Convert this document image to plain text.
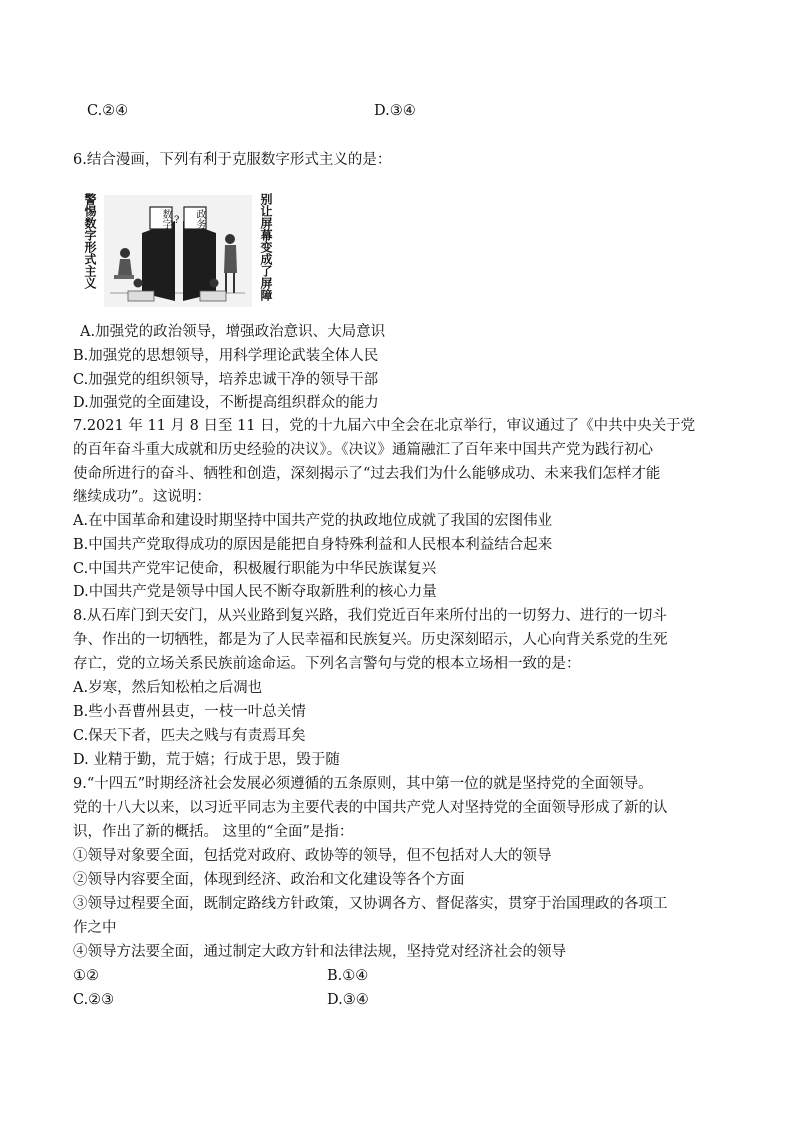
C.②④	D.③④
6.结合漫画，下列有利于克服数字形式主义的是：
警惕数字形式主义	别让屏幕变成了屏障
数字	政务
?
A.加强党的政治领导，增强政治意识、大局意识
B.加强党的思想领导，用科学理论武装全体人民
C.加强党的组织领导，培养忠诚干净的领导干部
D.加强党的全面建设，不断提高组织群众的能力
7.2021 年 11 月 8 日至 11 日，党的十九届六中全会在北京举行，审议通过了《中共中央关于党
的百年奋斗重大成就和历史经验的决议》。《决议》通篇融汇了百年来中国共产党为践行初心
使命所进行的奋斗、牺牲和创造，深刻揭示了“过去我们为什么能够成功、未来我们怎样才能
继续成功”。这说明：
A.在中国革命和建设时期坚持中国共产党的执政地位成就了我国的宏图伟业
B.中国共产党取得成功的原因是能把自身特殊利益和人民根本利益结合起来
C.中国共产党牢记使命，积极履行职能为中华民族谋复兴
D.中国共产党是领导中国人民不断夺取新胜利的核心力量
8.从石库门到天安门，从兴业路到复兴路，我们党近百年来所付出的一切努力、进行的一切斗
争、作出的一切牺牲，都是为了人民幸福和民族复兴。历史深刻昭示，人心向背关系党的生死
存亡，党的立场关系民族前途命运。下列名言警句与党的根本立场相一致的是：
A.岁寒，然后知松柏之后凋也
B.些小吾曹州县吏，一枝一叶总关情
C.保天下者，匹夫之贱与有责焉耳矣
D. 业精于勤，荒于嬉；行成于思，毁于随
9.“十四五”时期经济社会发展必须遵循的五条原则，其中第一位的就是坚持党的全面领导。
党的十八大以来，以习近平同志为主要代表的中国共产党人对坚持党的全面领导形成了新的认
识，作出了新的概括。 这里的“全面”是指：
①领导对象要全面，包括党对政府、政协等的领导，但不包括对人大的领导
②领导内容要全面，体现到经济、政治和文化建设等各个方面
③领导过程要全面，既制定路线方针政策，又协调各方、督促落实，贯穿于治国理政的各项工
作之中
④领导方法要全面，通过制定大政方针和法律法规，坚持党对经济社会的领导
①②	B.①④
C.②③	D.③④
